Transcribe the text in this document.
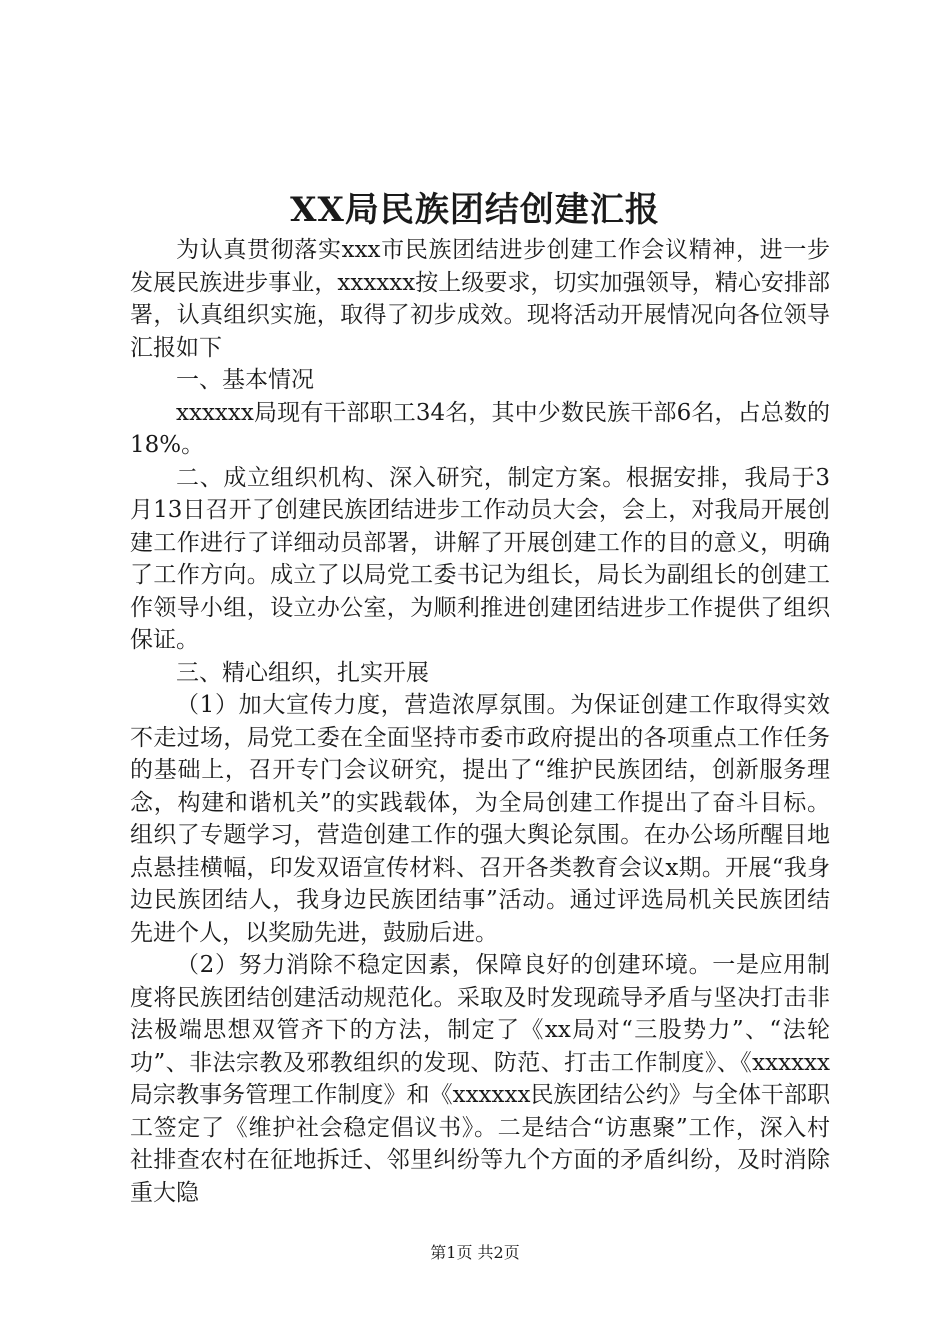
XX局民族团结创建汇报

为认真贯彻落实xxx市民族团结进步创建工作会议精神，进一步发展民族进步事业，xxxxxx按上级要求，切实加强领导，精心安排部署，认真组织实施，取得了初步成效。现将活动开展情况向各位领导汇报如下

一、基本情况

xxxxxx局现有干部职工34名，其中少数民族干部6名，占总数的18%。

二、成立组织机构、深入研究，制定方案。根据安排，我局于3月13日召开了创建民族团结进步工作动员大会，会上，对我局开展创建工作进行了详细动员部署，讲解了开展创建工作的目的意义，明确了工作方向。成立了以局党工委书记为组长，局长为副组长的创建工作领导小组，设立办公室，为顺利推进创建团结进步工作提供了组织保证。

三、精心组织，扎实开展

（1）加大宣传力度，营造浓厚氛围。为保证创建工作取得实效不走过场，局党工委在全面坚持市委市政府提出的各项重点工作任务的基础上，召开专门会议研究，提出了“维护民族团结，创新服务理念，构建和谐机关”的实践载体，为全局创建工作提出了奋斗目标。组织了专题学习，营造创建工作的强大舆论氛围。在办公场所醒目地点悬挂横幅，印发双语宣传材料、召开各类教育会议x期。开展“我身边民族团结人，我身边民族团结事”活动。通过评选局机关民族团结先进个人，以奖励先进，鼓励后进。

（2）努力消除不稳定因素，保障良好的创建环境。一是应用制度将民族团结创建活动规范化。采取及时发现疏导矛盾与坚决打击非法极端思想双管齐下的方法，制定了《xx局对“三股势力”、“法轮功”、非法宗教及邪教组织的发现、防范、打击工作制度》、《xxxxxx局宗教事务管理工作制度》和《xxxxxx民族团结公约》与全体干部职工签定了《维护社会稳定倡议书》。二是结合“访惠聚”工作，深入村社排查农村在征地拆迁、邻里纠纷等九个方面的矛盾纠纷，及时消除重大隐

第1页 共2页
